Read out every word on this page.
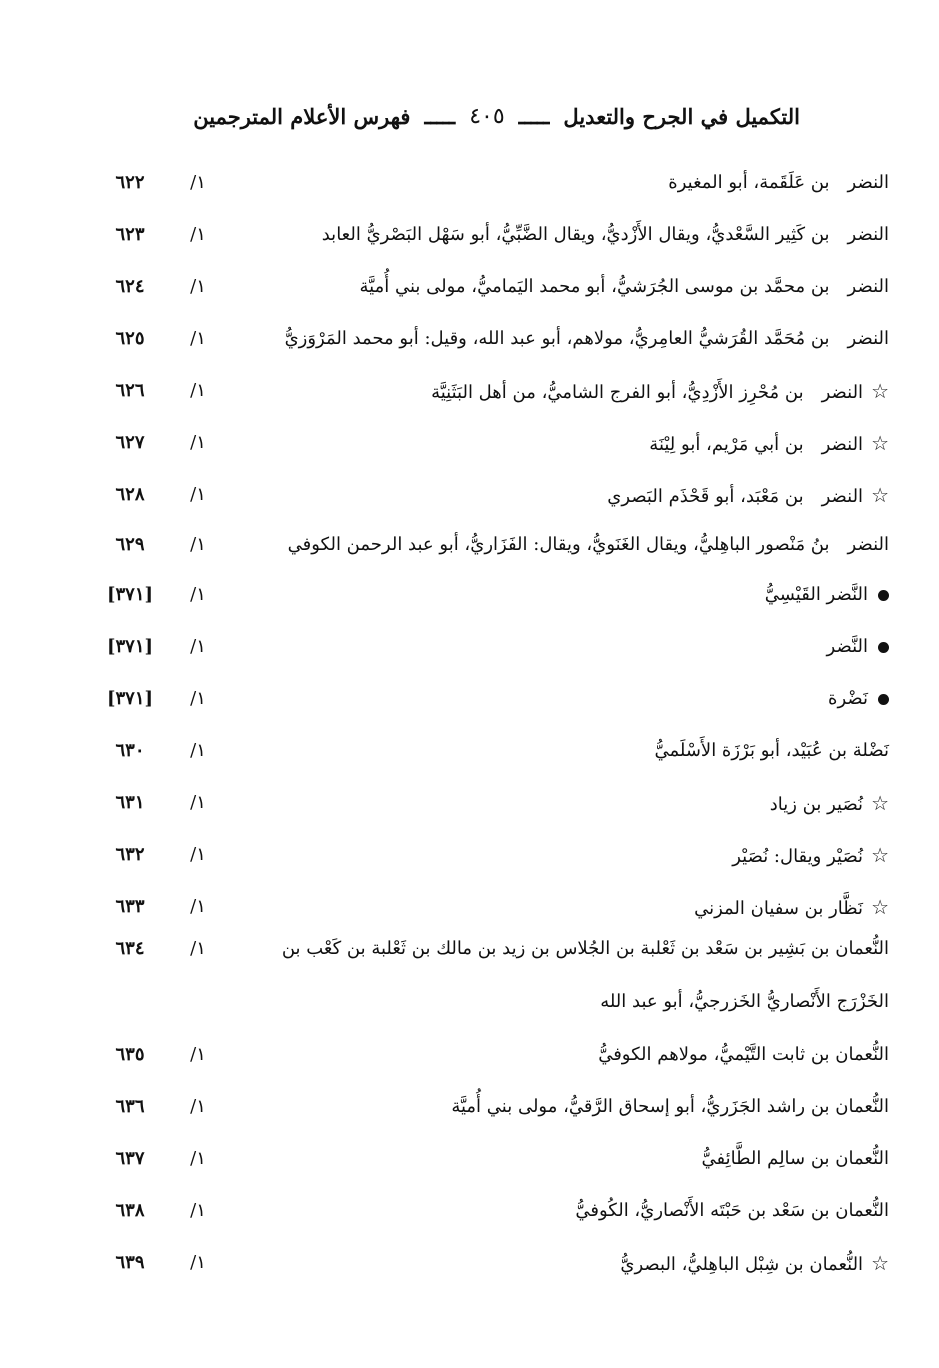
التكميل في الجرح والتعديل
ـــــ
٤٠٥
ـــــ
فهرس الأعلام المترجمين
النضربن عَلَقَمة، أبو المغيرة
١/
٦٢٢
النضربن كَثِير السَّعْديُّ، ويقال الأَزْديُّ، ويقال الضَّبِّيُّ، أبو سَهْل البَصْريُّ العابد
١/
٦٢٣
النضربن محمَّد بن موسى الجُرَشيُّ، أبو محمد اليَماميُّ، مولى بني أُميَّة
١/
٦٢٤
النضربن مُحَمَّد القُرَشيُّ العامِريُّ، مولاهم، أبو عبد الله، وقيل: أبو محمد المَرْوَزيُّ
١/
٦٢٥
☆النضربن مُحْرِز الأَزْدِيُّ، أبو الفرج الشاميُّ، من أهل البَثَنِيَّة
١/
٦٢٦
☆النضربن أبي مَرْيم، أبو لِيْنَة
١/
٦٢٧
☆النضربن مَعْبَد، أبو قَحْذَم البَصري
١/
٦٢٨
النضربنُ مَنْصور الباهِليُّ، ويقال الغَنَويُّ، ويقال: الفَزَاريُّ، أبو عبد الرحمن الكوفي
١/
٦٢٩
النَّضر القَيْسِيُّ
١/
[٣٧١]
النَّضر
١/
[٣٧١]
نَضْرة
١/
[٣٧١]
نَضْلة بن عُبَيْد، أبو بَرْزَة الأَسْلَميُّ
١/
٦٣٠
☆نُصَير بن زياد
١/
٦٣١
☆نُصَيْر ويقال: نُصَيْر
١/
٦٣٢
☆نَظَّار بن سفيان المزني
١/
٦٣٣
النُّعمان بن بَشِير بن سَعْد بن ثَعْلبة بن الجُلاس بن زيد بن مالك بن ثَعْلبة بن كَعْب بن
١/
٦٣٤
النُّعمان بن ثابت التَّيْميُّ، مولاهم الكوفيُّ
١/
٦٣٥
النُّعمان بن راشد الجَزَريُّ، أبو إسحاق الرَّقيُّ، مولى بني أُميَّة
١/
٦٣٦
النُّعمان بن سالِم الطَّائِفيُّ
١/
٦٣٧
النُّعمان بن سَعْد بن حَبْتَه الأَنْصاريُّ، الكُوفيُّ
١/
٦٣٨
☆النُّعمان بن شِبْل الباهِليُّ، البصريُّ
١/
٦٣٩
الخَزْرَج الأَنْصاريُّ الخَزرجيُّ، أبو عبد الله
